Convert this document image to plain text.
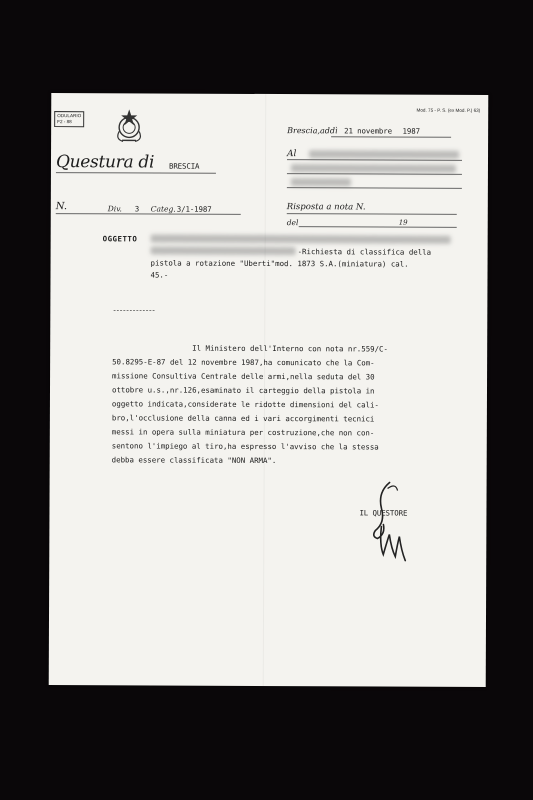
ODULARIO
F2 - 88
Mod. 75 - P. S. (ex Mod. P.) 63)
Brescia,addì 21 novembre 1987
Questura di BRESCIA
Al
N.	Div. 3 Categ. 3/1-1987	Risposta a nota N.
del	19
OGGETTO
-Richiesta di classifica della
pistola a rotazione "Uberti"mod. 1873 S.A.(miniatura) cal.
45.-
-------------
Il Ministero dell'Interno con nota nr.559/C-
50.8295-E-87 del 12 novembre 1987,ha comunicato che la Com-
missione Consultiva Centrale delle armi,nella seduta del 30
ottobre u.s.,nr.126,esaminato il carteggio della pistola in
oggetto indicata,considerate le ridotte dimensioni del cali-
bro,l'occlusione della canna ed i vari accorgimenti tecnici
messi in opera sulla miniatura per costruzione,che non con-
sentono l'impiego al tiro,ha espresso l'avviso che la stessa
debba essere classificata "NON ARMA".
IL QUESTORE
